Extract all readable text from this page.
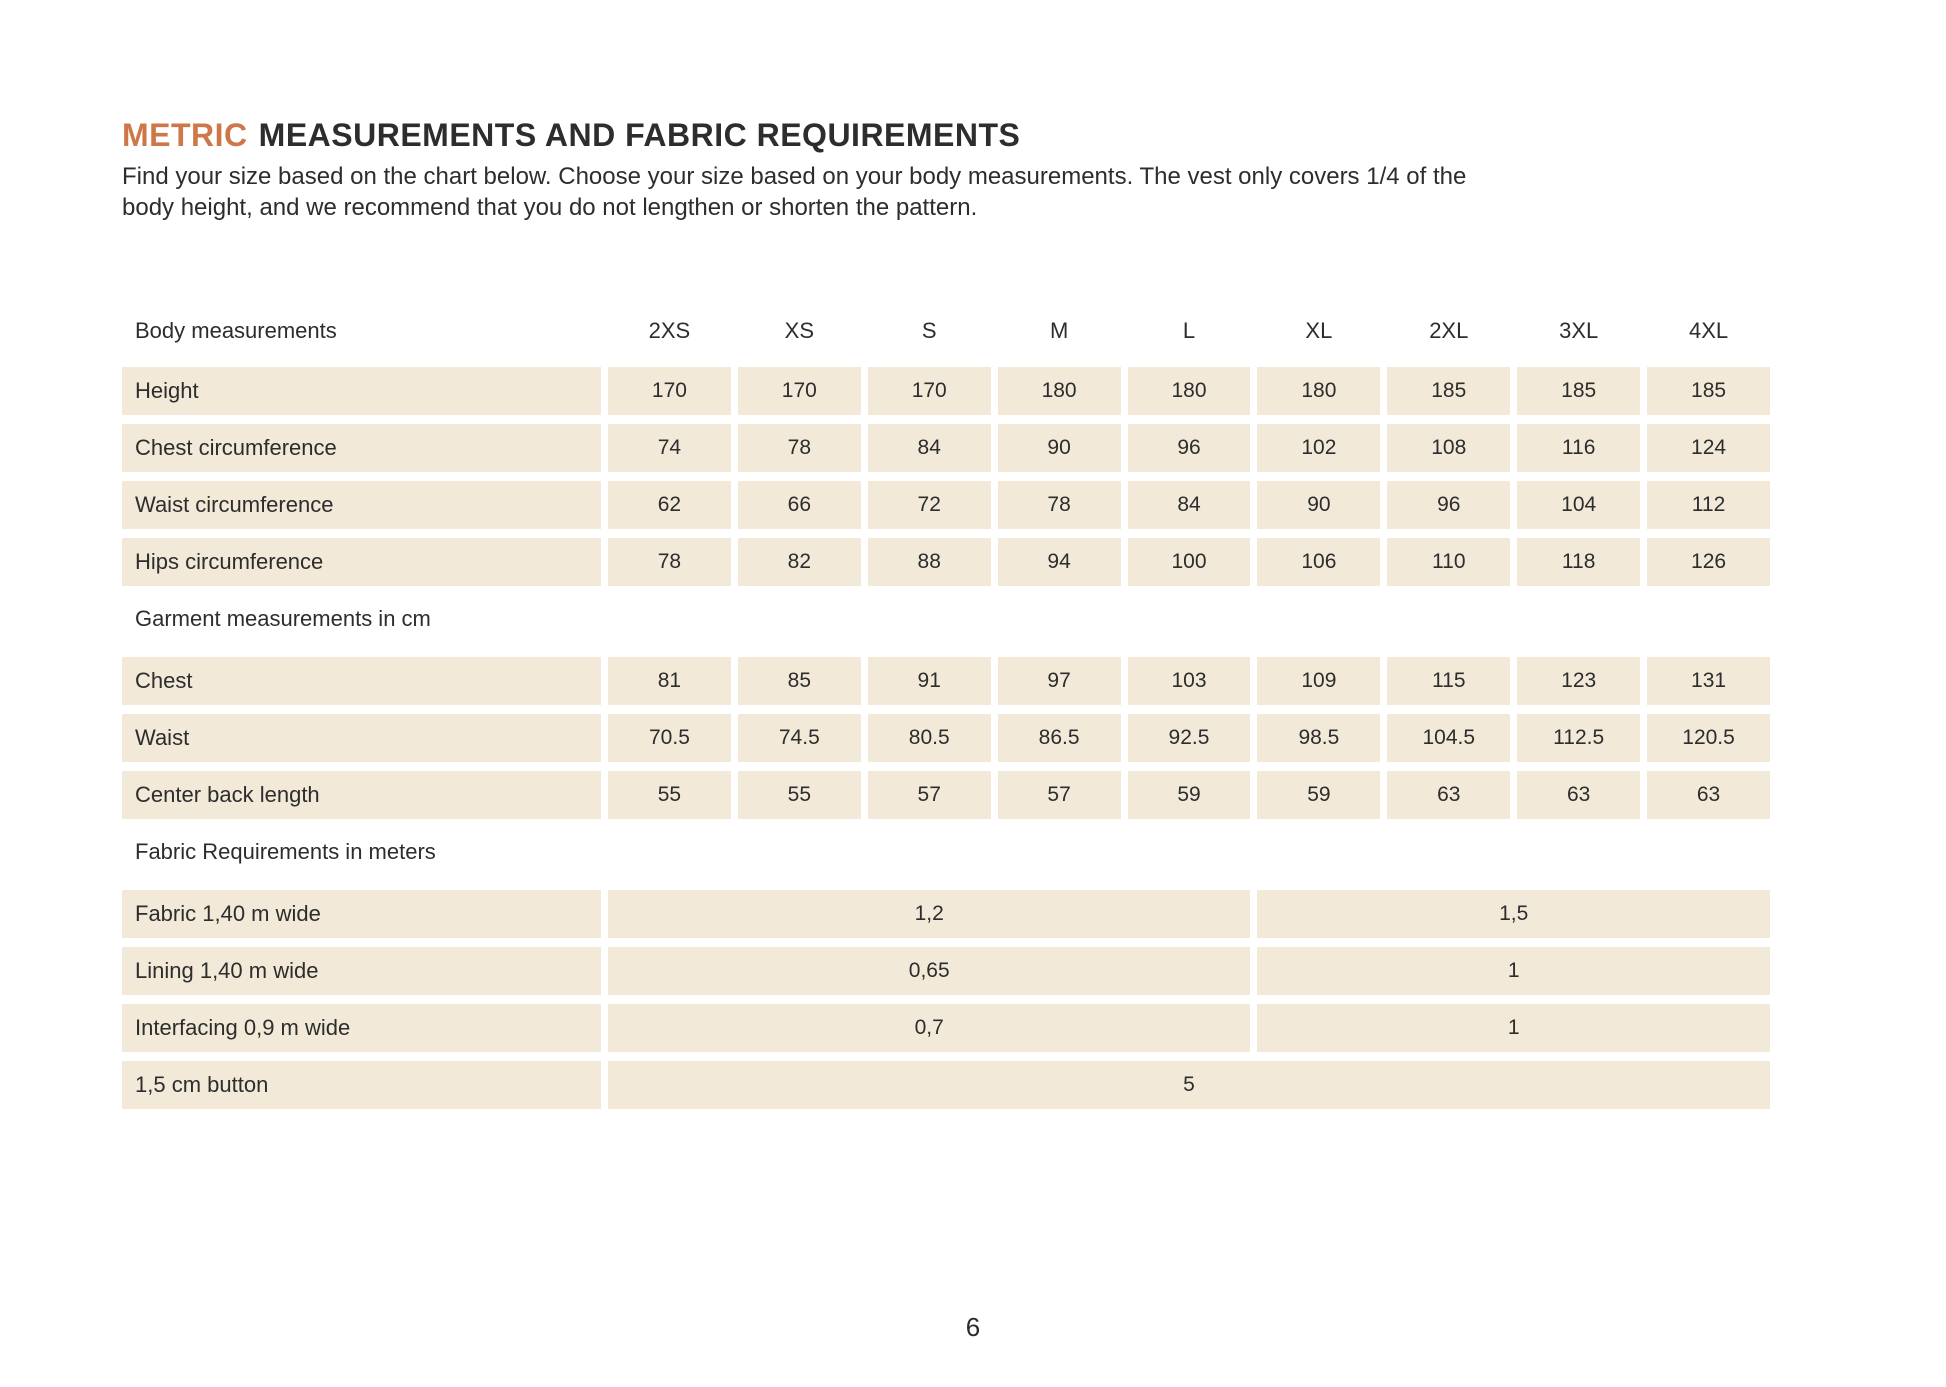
METRIC MEASUREMENTS AND FABRIC REQUIREMENTS
Find your size based on the chart below. Choose your size based on your body measurements. The vest only covers 1/4 of the
body height, and we recommend that you do not lengthen or shorten the pattern.
Body measurements	2XS	XS	S	M	L	XL	2XL	3XL	4XL
Height	170	170	170	180	180	180	185	185	185
Chest circumference	74	78	84	90	96	102	108	116	124
Waist circumference	62	66	72	78	84	90	96	104	112
Hips circumference	78	82	88	94	100	106	110	118	126
Garment measurements in cm
Chest	81	85	91	97	103	109	115	123	131
Waist	70.5	74.5	80.5	86.5	92.5	98.5	104.5	112.5	120.5
Center back length	55	55	57	57	59	59	63	63	63
Fabric Requirements in meters
Fabric 1,40 m wide	1,2	1,5
Lining 1,40 m wide	0,65	1
Interfacing 0,9 m wide	0,7	1
1,5 cm button	5
6
